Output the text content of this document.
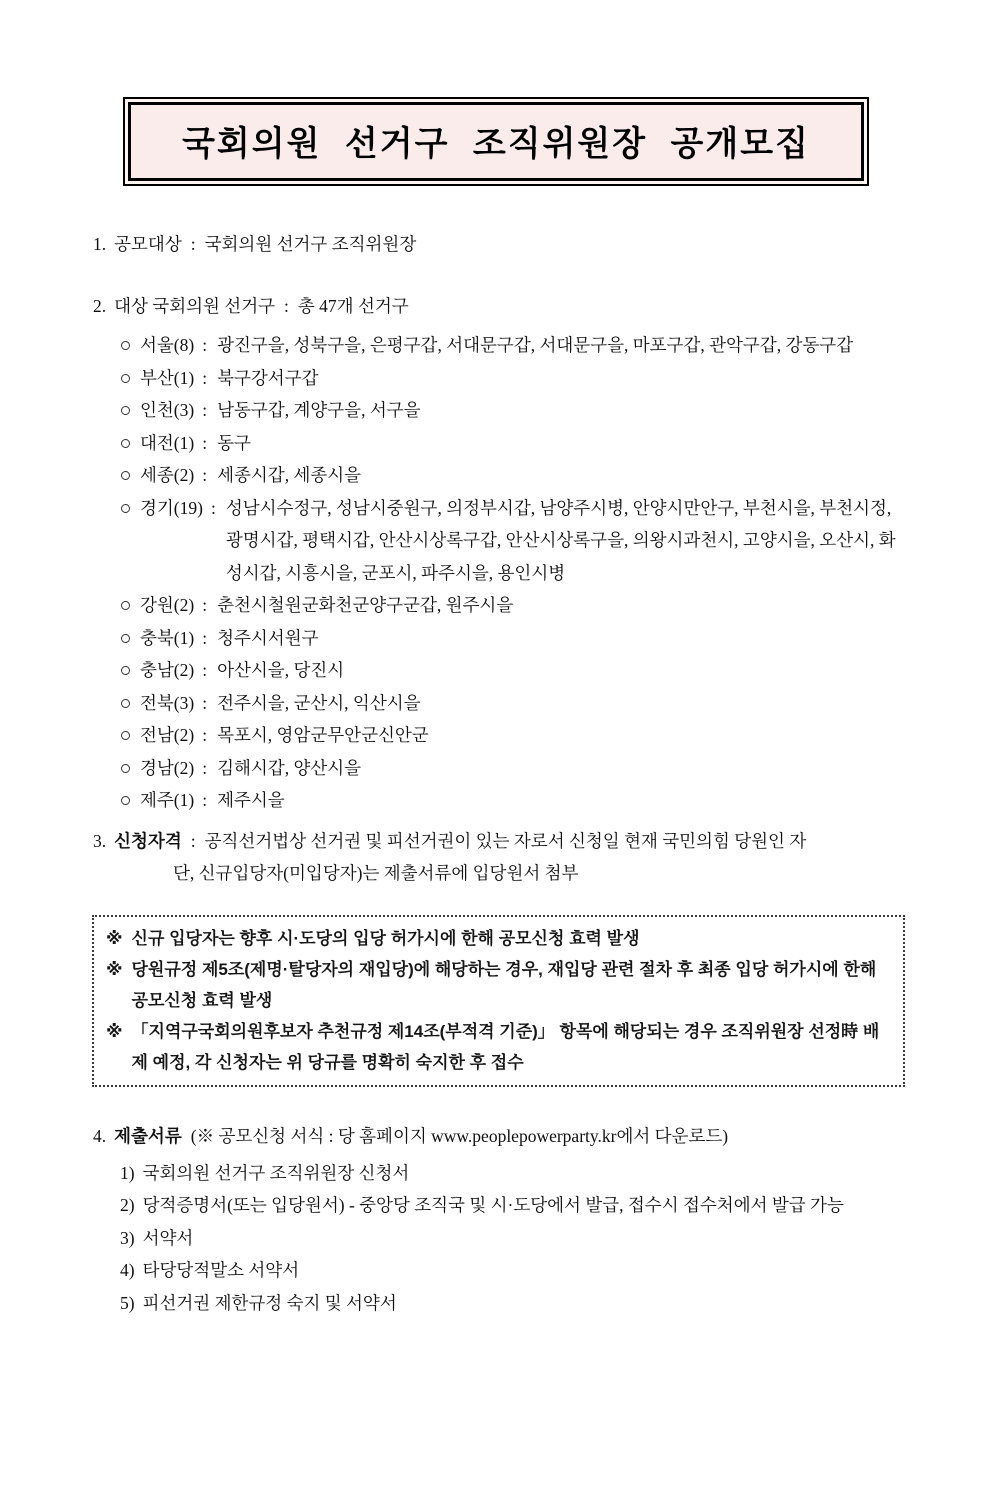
국회의원 선거구 조직위원장 공개모집
1. 공모대상 : 국회의원 선거구 조직위원장
2. 대상 국회의원 선거구 : 총 47개 선거구
서울(8) : 광진구을, 성북구을, 은평구갑, 서대문구갑, 서대문구을, 마포구갑, 관악구갑, 강동구갑
부산(1) : 북구강서구갑
인천(3) : 남동구갑, 계양구을, 서구을
대전(1) : 동구
세종(2) : 세종시갑, 세종시을
경기(19) : 성남시수정구, 성남시중원구, 의정부시갑, 남양주시병, 안양시만안구, 부천시을, 부천시정, 광명시갑, 평택시갑, 안산시상록구갑, 안산시상록구을, 의왕시과천시, 고양시을, 오산시, 화성시갑, 시흥시을, 군포시, 파주시을, 용인시병
강원(2) : 춘천시철원군화천군양구군갑, 원주시을
충북(1) : 청주시서원구
충남(2) : 아산시을, 당진시
전북(3) : 전주시을, 군산시, 익산시을
전남(2) : 목포시, 영암군무안군신안군
경남(2) : 김해시갑, 양산시을
제주(1) : 제주시을
3. 신청자격 : 공직선거법상 선거권 및 피선거권이 있는 자로서 신청일 현재 국민의힘 당원인 자
단, 신규입당자(미입당자)는 제출서류에 입당원서 첨부
※ 신규 입당자는 향후 시·도당의 입당 허가시에 한해 공모신청 효력 발생
※ 당원규정 제5조(제명·탈당자의 재입당)에 해당하는 경우, 재입당 관련 절차 후 최종 입당 허가시에 한해 공모신청 효력 발생
※ 「지역구국회의원후보자 추천규정 제14조(부적격 기준)」 항목에 해당되는 경우 조직위원장 선정時 배제 예정, 각 신청자는 위 당규를 명확히 숙지한 후 접수
4. 제출서류 (※ 공모신청 서식 : 당 홈페이지 www.peoplepowerparty.kr에서 다운로드)
1) 국회의원 선거구 조직위원장 신청서
2) 당적증명서(또는 입당원서) - 중앙당 조직국 및 시·도당에서 발급, 접수시 접수처에서 발급 가능
3) 서약서
4) 타당당적말소 서약서
5) 피선거권 제한규정 숙지 및 서약서
